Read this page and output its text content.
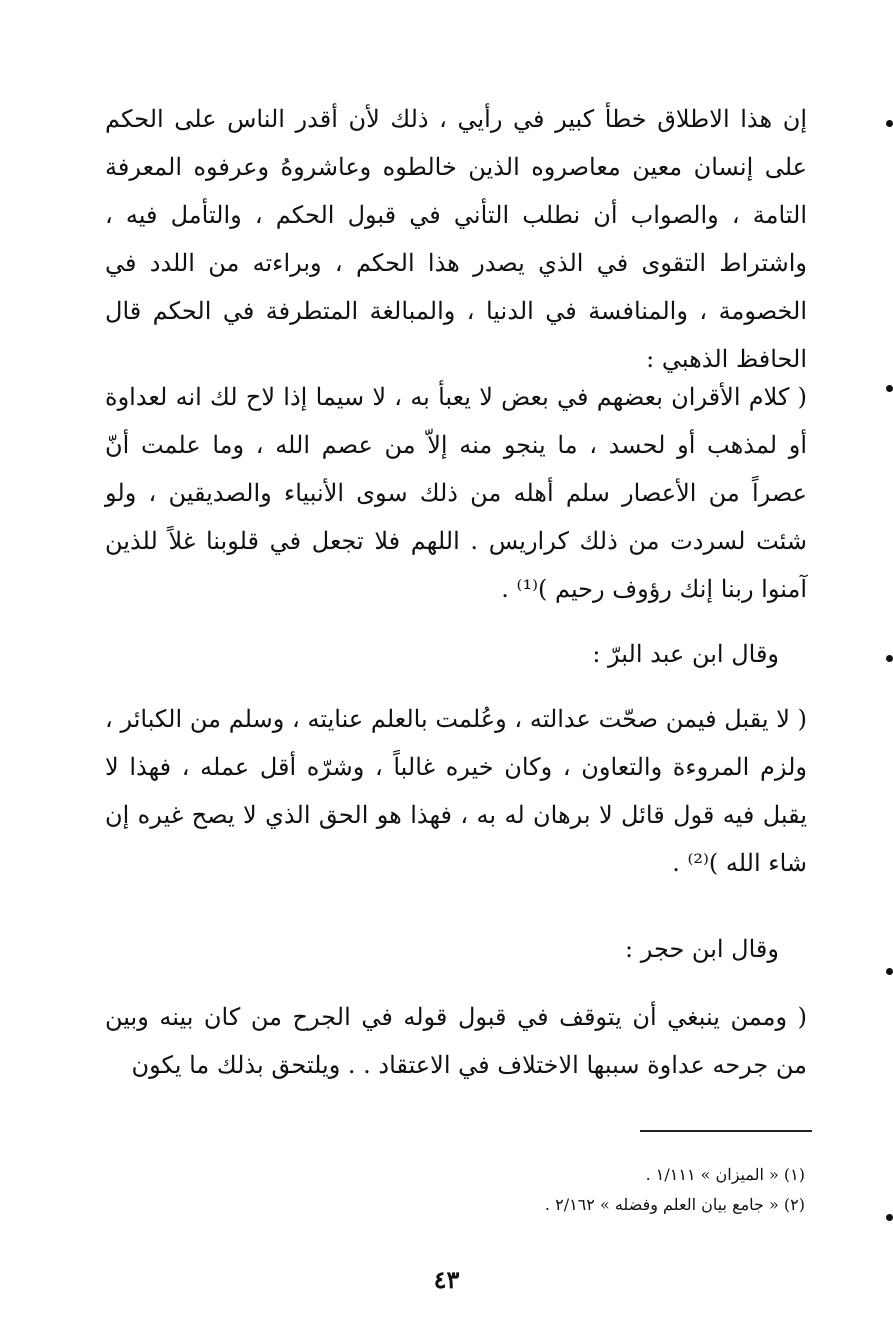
إن هذا الاطلاق خطأ كبير في رأيي ، ذلك لأن أقدر الناس على الحكم على إنسان معين معاصروه الذين خالطوه وعاشروهُ وعرفوه المعرفة التامة ، والصواب أن نطلب التأني في قبول الحكم ، والتأمل فيه ، واشتراط التقوى في الذي يصدر هذا الحكم ، وبراءته من اللدد في الخصومة ، والمنافسة في الدنيا ، والمبالغة المتطرفة في الحكم قال الحافظ الذهبي :
( كلام الأقران بعضهم في بعض لا يعبأ به ، لا سيما إذا لاح لك انه لعداوة أو لمذهب أو لحسد ، ما ينجو منه إلاّ من عصم الله ، وما علمت أنّ عصراً من الأعصار سلم أهله من ذلك سوى الأنبياء والصديقين ، ولو شئت لسردت من ذلك كراريس . اللهم فلا تجعل في قلوبنا غلاً للذين آمنوا ربنا إنك رؤوف رحيم )⁽¹⁾ .
وقال ابن عبد البرّ :
( لا يقبل فيمن صحّت عدالته ، وعُلمت بالعلم عنايته ، وسلم من الكبائر ، ولزم المروءة والتعاون ، وكان خيره غالباً ، وشرّه أقل عمله ، فهذا لا يقبل فيه قول قائل لا برهان له به ، فهذا هو الحق الذي لا يصح غيره إن شاء الله )⁽²⁾ .
وقال ابن حجر :
( وممن ينبغي أن يتوقف في قبول قوله في الجرح من كان بينه وبين من جرحه عداوة سببها الاختلاف في الاعتقاد . . ويلتحق بذلك ما يكون
(١) « الميزان » ١/١١١ .
(٢) « جامع بيان العلم وفضله » ٢/١٦٢ .
٤٣
